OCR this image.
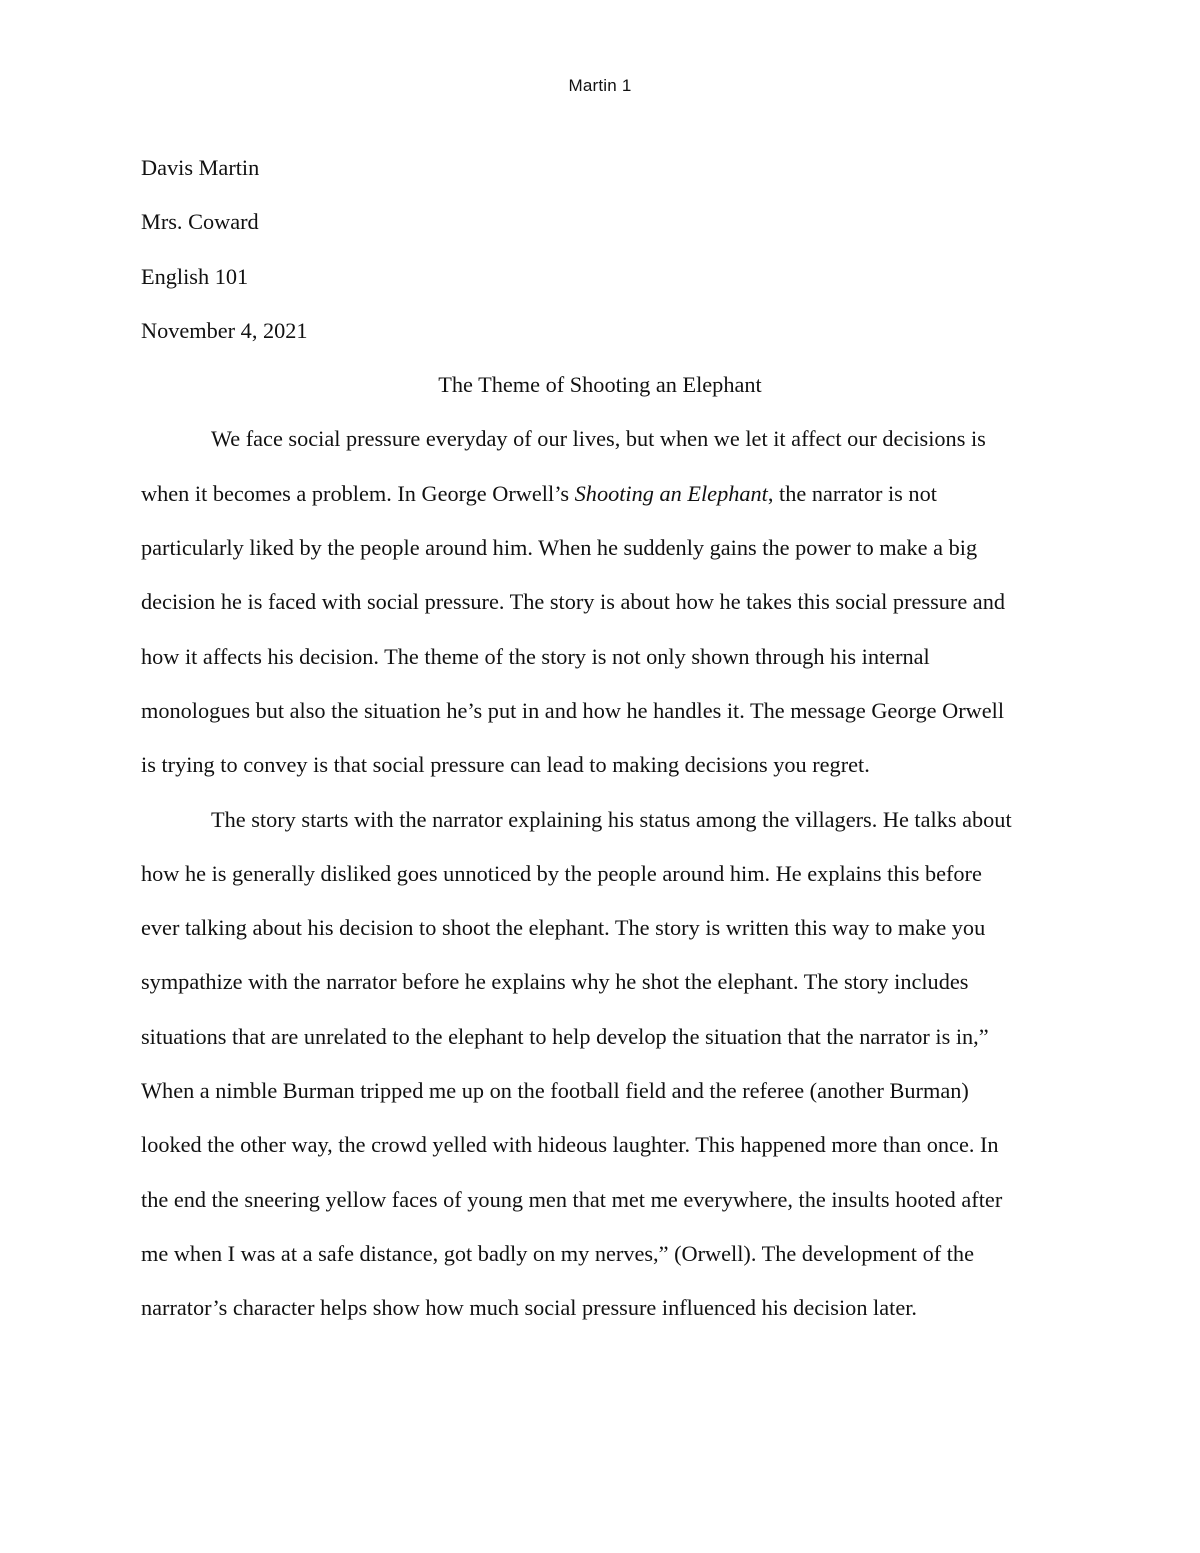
Martin 1

Davis Martin

Mrs. Coward

English 101

November 4, 2021

The Theme of Shooting an Elephant

We face social pressure everyday of our lives, but when we let it affect our decisions is

when it becomes a problem. In George Orwell’s Shooting an Elephant, the narrator is not

particularly liked by the people around him. When he suddenly gains the power to make a big

decision he is faced with social pressure. The story is about how he takes this social pressure and

how it affects his decision. The theme of the story is not only shown through his internal

monologues but also the situation he’s put in and how he handles it. The message George Orwell

is trying to convey is that social pressure can lead to making decisions you regret.

The story starts with the narrator explaining his status among the villagers. He talks about

how he is generally disliked goes unnoticed by the people around him. He explains this before

ever talking about his decision to shoot the elephant. The story is written this way to make you

sympathize with the narrator before he explains why he shot the elephant. The story includes

situations that are unrelated to the elephant to help develop the situation that the narrator is in,”

When a nimble Burman tripped me up on the football field and the referee (another Burman)

looked the other way, the crowd yelled with hideous laughter. This happened more than once. In

the end the sneering yellow faces of young men that met me everywhere, the insults hooted after

me when I was at a safe distance, got badly on my nerves,” (Orwell). The development of the

narrator’s character helps show how much social pressure influenced his decision later.
